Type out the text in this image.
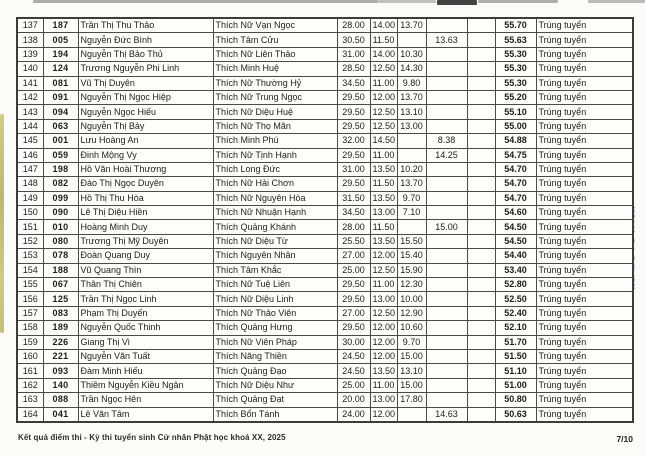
137	187	Trần Thị Thu Thảo	Thích Nữ Vạn Ngọc	28.00	14.00	13.70			55.70	Trúng tuyển
138	005	Nguyễn Đức Bình	Thích Tâm Cửu	30.50	11.50		13.63		55.63	Trúng tuyển
139	194	Nguyễn Thị Bảo Thủ	Thích Nữ Liên Thảo	31.00	14.00	10.30			55.30	Trúng tuyển
140	124	Trương Nguyễn Phi Linh	Thích Minh Huệ	28.50	12.50	14.30			55.30	Trúng tuyển
141	081	Vũ Thị Duyên	Thích Nữ Thường Hỷ	34.50	11.00	9.80			55.30	Trúng tuyển
142	091	Nguyễn Thị Ngọc Hiệp	Thích Nữ Trung Ngọc	29.50	12.00	13.70			55.20	Trúng tuyển
143	094	Nguyễn Ngọc Hiếu	Thích Nữ Diệu Huệ	29.50	12.50	13.10			55.10	Trúng tuyển
144	063	Nguyễn Thị Bảy	Thích Nữ Thọ Mãn	29.50	12.50	13.00			55.00	Trúng tuyển
145	001	Lưu Hoàng An	Thích Minh Phú	32.00	14.50		8.38		54.88	Trúng tuyển
146	059	Đinh Mộng Vy	Thích Nữ Tịnh Hạnh	29.50	11.00		14.25		54.75	Trúng tuyển
147	198	Hồ Văn Hoài Thương	Thích Long Đức	31.00	13.50	10.20			54.70	Trúng tuyển
148	082	Đào Thị Ngọc Duyên	Thích Nữ Hải Chơn	29.50	11.50	13.70			54.70	Trúng tuyển
149	099	Hồ Thị Thu Hòa	Thích Nữ Nguyên Hòa	31.50	13.50	9.70			54.70	Trúng tuyển
150	090	Lê Thị Diệu Hiền	Thích Nữ Nhuận Hạnh	34.50	13.00	7.10			54.60	Trúng tuyển
151	010	Hoàng Minh Duy	Thích Quảng Khánh	28.00	11.50		15.00		54.50	Trúng tuyển
152	080	Trương Thị Mỹ Duyên	Thích Nữ Diệu Từ	25.50	13.50	15.50			54.50	Trúng tuyển
153	078	Đoàn Quang Duy	Thích Nguyên Nhân	27.00	12.00	15.40			54.40	Trúng tuyển
154	188	Vũ Quang Thìn	Thích Tâm Khắc	25.00	12.50	15.90			53.40	Trúng tuyển
155	067	Thân Thị Chiên	Thích Nữ Tuệ Liên	29.50	11.00	12.30			52.80	Trúng tuyển
156	125	Trần Thị Ngọc Linh	Thích Nữ Diệu Linh	29.50	13.00	10.00			52.50	Trúng tuyển
157	083	Phạm Thị Duyến	Thích Nữ Thảo Viên	27.00	12.50	12.90			52.40	Trúng tuyển
158	189	Nguyễn Quốc Thinh	Thích Quảng Hưng	29.50	12.00	10.60			52.10	Trúng tuyển
159	226	Giang Thị Vi	Thích Nữ Viên Pháp	30.00	12.00	9.70			51.70	Trúng tuyển
160	221	Nguyễn Văn Tuất	Thích Năng Thiền	24.50	12.00	15.00			51.50	Trúng tuyển
161	093	Đàm Minh Hiếu	Thích Quảng Đạo	24.50	13.50	13.10			51.10	Trúng tuyển
162	140	Thiềm Nguyễn Kiều Ngân	Thích Nữ Diệu Như	25.00	11.00	15.00			51.00	Trúng tuyển
163	088	Trần Ngọc Hên	Thích Quảng Đạt	20.00	13.00	17.80			50.80	Trúng tuyển
164	041	Lê Văn Tâm	Thích Bổn Tánh	24.00	12.00		14.63		50.63	Trúng tuyển
Kết quả điểm thi - Kỳ thi tuyển sinh Cử nhân Phật học khoá XX, 2025	7/10
